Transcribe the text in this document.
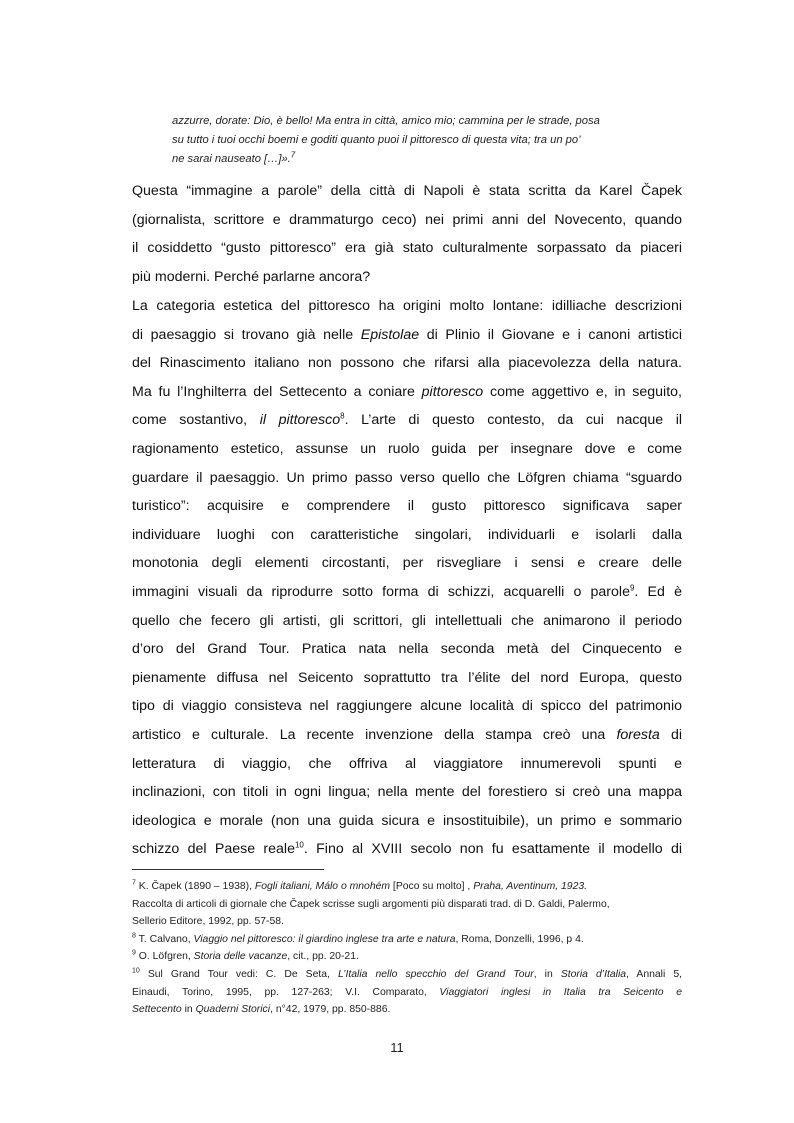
azzurre, dorate: Dio, è bello! Ma entra in città, amico mio; cammina per le strade, posa
su tutto i tuoi occhi boemi e goditi quanto puoi il pittoresco di questa vita; tra un po’
ne sarai nauseato […]».$^7$
Questa “immagine a parole” della città di Napoli è stata scritta da Karel Čapek
(giornalista, scrittore e drammaturgo ceco) nei primi anni del Novecento, quando
il cosiddetto “gusto pittoresco” era già stato culturalmente sorpassato da piaceri
più moderni. Perché parlarne ancora?
La categoria estetica del pittoresco ha origini molto lontane: idilliache descrizioni
di paesaggio si trovano già nelle Epistolae di Plinio il Giovane e i canoni artistici
del Rinascimento italiano non possono che rifarsi alla piacevolezza della natura.
Ma fu l’Inghilterra del Settecento a coniare pittoresco come aggettivo e, in seguito,
come sostantivo, il pittoresco$^8$. L’arte di questo contesto, da cui nacque il
ragionamento estetico, assunse un ruolo guida per insegnare dove e come
guardare il paesaggio. Un primo passo verso quello che Löfgren chiama “sguardo
turistico”: acquisire e comprendere il gusto pittoresco significava saper
individuare luoghi con caratteristiche singolari, individuarli e isolarli dalla
monotonia degli elementi circostanti, per risvegliare i sensi e creare delle
immagini visuali da riprodurre sotto forma di schizzi, acquarelli o parole$^9$. Ed è
quello che fecero gli artisti, gli scrittori, gli intellettuali che animarono il periodo
d’oro del Grand Tour. Pratica nata nella seconda metà del Cinquecento e
pienamente diffusa nel Seicento soprattutto tra l’élite del nord Europa, questo
tipo di viaggio consisteva nel raggiungere alcune località di spicco del patrimonio
artistico e culturale. La recente invenzione della stampa creò una foresta di
letteratura di viaggio, che offriva al viaggiatore innumerevoli spunti e
inclinazioni, con titoli in ogni lingua; nella mente del forestiero si creò una mappa
ideologica e morale (non una guida sicura e insostituibile), un primo e sommario
schizzo del Paese reale$^{10}$. Fino al XVIII secolo non fu esattamente il modello di
$^7$ K. Čapek (1890 – 1938), Fogli italiani, Málo o mnohém [Poco su molto] , Praha, Aventinum, 1923.
Raccolta di articoli di giornale che Čapek scrisse sugli argomenti più disparati trad. di D. Galdi, Palermo,
Sellerio Editore, 1992, pp. 57-58.
$^8$ T. Calvano, Viaggio nel pittoresco: il giardino inglese tra arte e natura, Roma, Donzelli, 1996, p 4.
$^9$ O. Löfgren, Storia delle vacanze, cit., pp. 20-21.
$^{10}$ Sul Grand Tour vedi: C. De Seta, L’Italia nello specchio del Grand Tour, in Storia d’Italia, Annali 5,
Einaudi, Torino, 1995, pp. 127-263; V.I. Comparato, Viaggiatori inglesi in Italia tra Seicento e
Settecento in Quaderni Storici, n°42, 1979, pp. 850-886.
11
